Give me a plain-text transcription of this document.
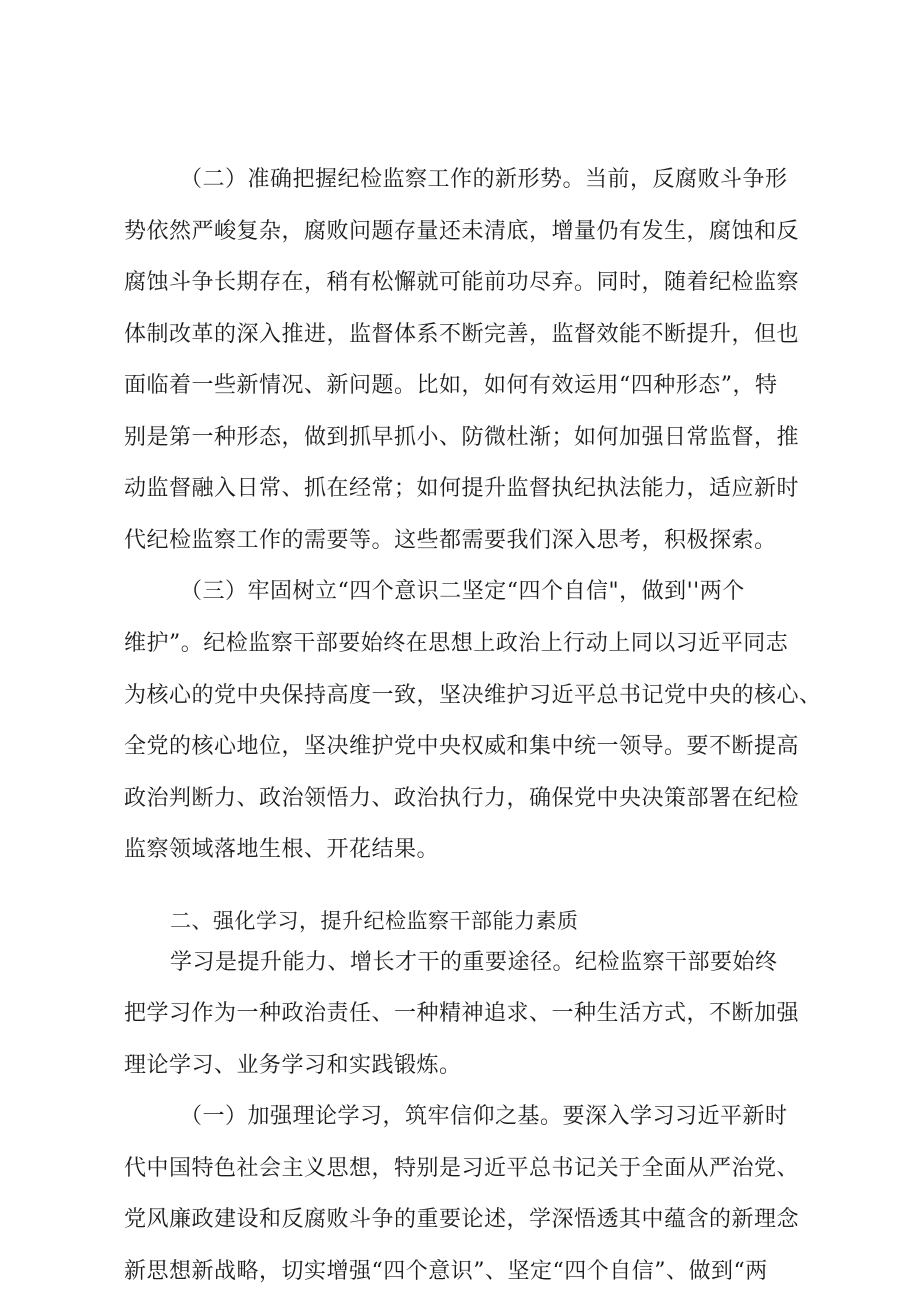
（二）准确把握纪检监察工作的新形势。当前，反腐败斗争形
势依然严峻复杂，腐败问题存量还未清底，增量仍有发生，腐蚀和反
腐蚀斗争长期存在，稍有松懈就可能前功尽弃。同时，随着纪检监察
体制改革的深入推进，监督体系不断完善，监督效能不断提升，但也
面临着一些新情况、新问题。比如，如何有效运用“四种形态”，特
别是第一种形态，做到抓早抓小、防微杜渐；如何加强日常监督，推
动监督融入日常、抓在经常；如何提升监督执纪执法能力，适应新时
代纪检监察工作的需要等。这些都需要我们深入思考，积极探索。
（三）牢固树立“四个意识二坚定“四个自信"，做到''两个
维护”。纪检监察干部要始终在思想上政治上行动上同以习近平同志
为核心的党中央保持高度一致，坚决维护习近平总书记党中央的核心、
全党的核心地位，坚决维护党中央权威和集中统一领导。要不断提高
政治判断力、政治领悟力、政治执行力，确保党中央决策部署在纪检
监察领域落地生根、开花结果。
二、强化学习，提升纪检监察干部能力素质
学习是提升能力、增长才干的重要途径。纪检监察干部要始终
把学习作为一种政治责任、一种精神追求、一种生活方式，不断加强
理论学习、业务学习和实践锻炼。
（一）加强理论学习，筑牢信仰之基。要深入学习习近平新时
代中国特色社会主义思想，特别是习近平总书记关于全面从严治党、
党风廉政建设和反腐败斗争的重要论述，学深悟透其中蕴含的新理念
新思想新战略，切实增强“四个意识”、坚定“四个自信”、做到“两
